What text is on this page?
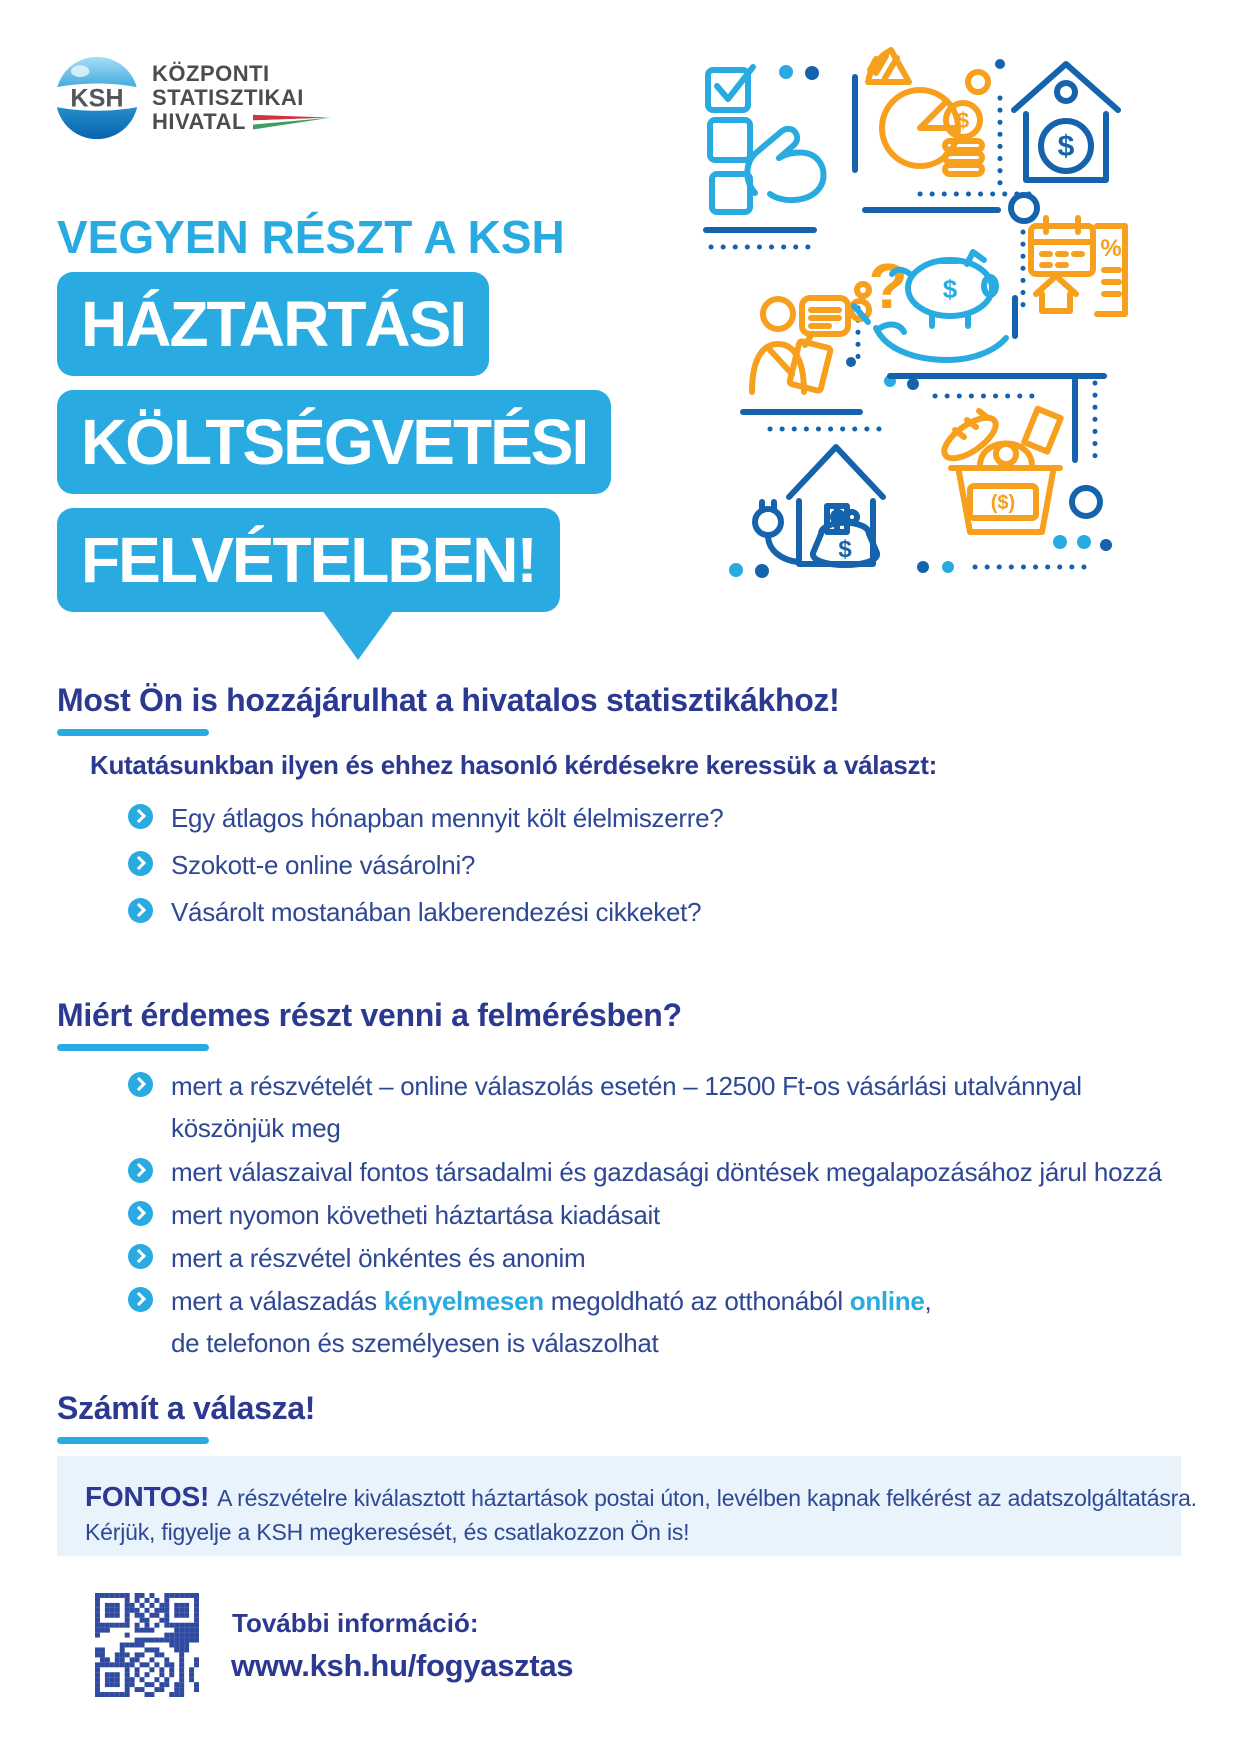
KSH
KÖZPONTI
STATISZTIKAI
HIVATAL
VEGYEN RÉSZT A KSH
HÁZTARTÁSI
KÖLTSÉGVETÉSI
FELVÉTELBEN!
$
$
? $
%
$
($)
Most Ön is hozzájárulhat a hivatalos statisztikákhoz!
Kutatásunkban ilyen és ehhez hasonló kérdésekre keressük a választ:
Egy átlagos hónapban mennyit költ élelmiszerre?
Szokott-e online vásárolni?
Vásárolt mostanában lakberendezési cikkeket?
Miért érdemes részt venni a felmérésben?
mert a részvételét – online válaszolás esetén – 12500 Ft-os vásárlási utalvánnyal
köszönjük meg
mert válaszaival fontos társadalmi és gazdasági döntések megalapozásához járul hozzá
mert nyomon követheti háztartása kiadásait
mert a részvétel önkéntes és anonim
mert a válaszadás kényelmesen megoldható az otthonából online,
de telefonon és személyesen is válaszolhat
Számít a válasza!
FONTOS! A részvételre kiválasztott háztartások postai úton, levélben kapnak felkérést az adatszolgáltatásra.
Kérjük, figyelje a KSH megkeresését, és csatlakozzon Ön is!
További információ:
www.ksh.hu/fogyasztas
